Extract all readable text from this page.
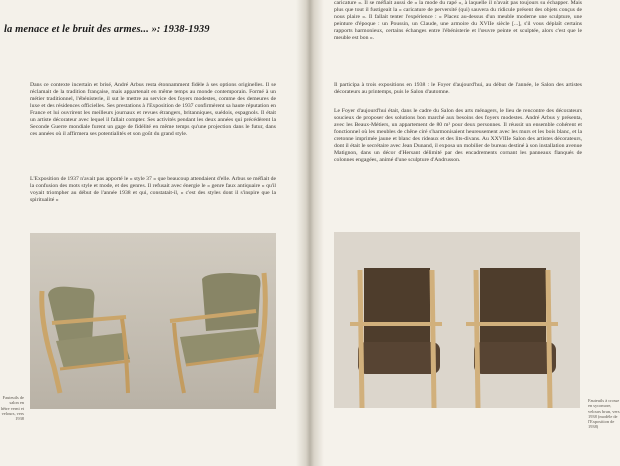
la menace et le bruit des armes... »: 1938-1939

Dans ce contexte incertain et brisé, André Arbus resta étonnamment fidèle à ses options originelles. Il se réclamait de la tradition française, mais appartenait en même temps au monde contemporain. Formé à un métier traditionnel, l'ébénisterie, il sut le mettre au service des foyers modestes, comme des demeures de luxe et des résidences officielles. Ses prestations à l'Exposition de 1937 confirmèrent sa haute réputation en France et lui ouvrirent les meilleurs journaux et revues étrangers, britanniques, suédois, espagnols. Il était un artiste décorateur avec lequel il fallait compter. Ses activités pendant les deux années qui précédèrent la Seconde Guerre mondiale furent un gage de fidélité en même temps qu'une projection dans le futur, dans ces années où il affirmera ses potentialités et son goût du grand style.

L'Exposition de 1937 n'avait pas apporté le « style 37 » que beaucoup attendaient d'elle. Arbus se méfiait de la confusion des mots style et mode, et des genres. Il refusait avec énergie le « genre faux antiquaire » qu'il voyait triompher au début de l'année 1938 et qui, constatait-il, « c'est des styles dont il s'inspire que la spiritualité »

Fauteuils de salon en hêtre verni et velours, vers 1938

caricature ». Il se méfiait aussi de « la mode du rapé », à laquelle il n'avait pas toujours su échapper. Mais plus que tout il fustigeait la « caricature de perversité (qui) sauvera du ridicule présent des objets conçus de nous plaire ». Il fallait tenter l'expérience : « Placez au-dessus d'un meuble moderne une sculpture, une peinture d'époque : un Poussin, un Claude, une armoire du XVIIe siècle [...], s'il vous déplaît certains rapports harmonieux, certains échanges entre l'ébénisterie et l'œuvre peinte et sculptée, alors c'est que le meuble est bon ».

Il participa à trois expositions en 1938 : le Foyer d'aujourd'hui, au début de l'année, le Salon des artistes décorateurs au printemps, puis le Salon d'automne.

Le Foyer d'aujourd'hui était, dans le cadre du Salon des arts ménagers, le lieu de rencontre des décorateurs soucieux de proposer des solutions bon marché aux besoins des foyers modestes. André Arbus y présenta, avec les Beaux-Métiers, un appartement de 80 m² pour deux personnes. Il réussit un ensemble cohérent et fonctionnel où les meubles de chêne ciré s'harmonisaient heureusement avec les murs et les bois blanc, et la cretonne imprimée jaune et blanc des rideaux et des lits-divans. Au XXVIIIe Salon des artistes décorateurs, dont il était le secrétaire avec Jean Dunand, il exposa un mobilier de bureau destiné à son installation avenue Matignon, dans un décor d'Hersant délimité par des encadrements cornant les panneaux flanqués de colonnes engagées, animé d'une sculpture d'Andrusson.

Fauteuils à crosse en sycomore, velours brun, vers 1938 (modèle de l'Exposition de 1938)
